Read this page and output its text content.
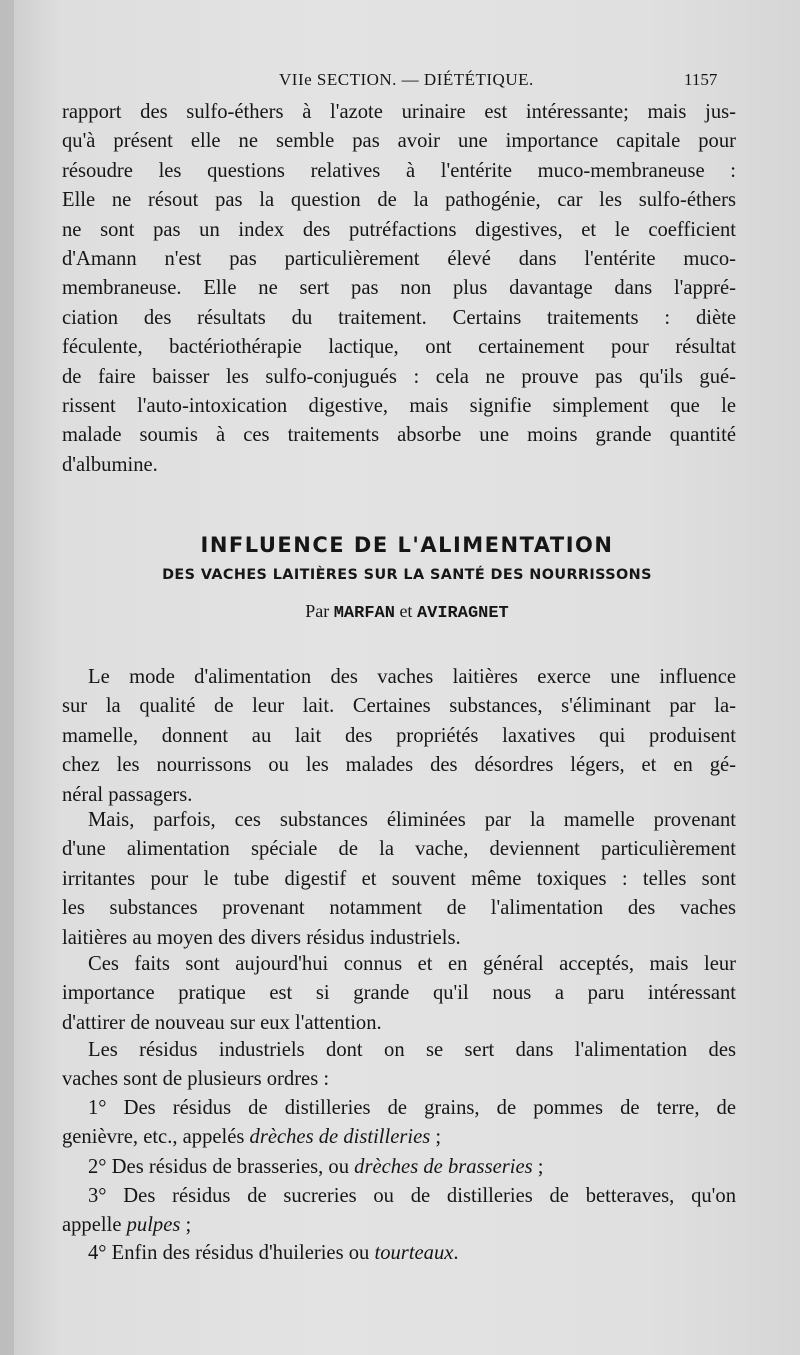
VIIe SECTION. — DIÉTÉTIQUE.	1157
rapport des sulfo-éthers à l'azote urinaire est intéressante; mais jus-
qu'à présent elle ne semble pas avoir une importance capitale pour
résoudre les questions relatives à l'entérite muco-membraneuse :
Elle ne résout pas la question de la pathogénie, car les sulfo-éthers
ne sont pas un index des putréfactions digestives, et le coefficient
d'Amann n'est pas particulièrement élevé dans l'entérite muco-
membraneuse. Elle ne sert pas non plus davantage dans l'appré-
ciation des résultats du traitement. Certains traitements : diète
féculente, bactériothérapie lactique, ont certainement pour résultat
de faire baisser les sulfo-conjugués : cela ne prouve pas qu'ils gué-
rissent l'auto-intoxication digestive, mais signifie simplement que le
malade soumis à ces traitements absorbe une moins grande quantité
d'albumine.
INFLUENCE DE L'ALIMENTATION
DES VACHES LAITIÈRES SUR LA SANTÉ DES NOURRISSONS
Par MARFAN et AVIRAGNET
Le mode d'alimentation des vaches laitières exerce une influence
sur la qualité de leur lait. Certaines substances, s'éliminant par la-
mamelle, donnent au lait des propriétés laxatives qui produisent
chez les nourrissons ou les malades des désordres légers, et en gé-
néral passagers.
Mais, parfois, ces substances éliminées par la mamelle provenant
d'une alimentation spéciale de la vache, deviennent particulièrement
irritantes pour le tube digestif et souvent même toxiques : telles sont
les substances provenant notamment de l'alimentation des vaches
laitières au moyen des divers résidus industriels.
Ces faits sont aujourd'hui connus et en général acceptés, mais leur
importance pratique est si grande qu'il nous a paru intéressant
d'attirer de nouveau sur eux l'attention.
Les résidus industriels dont on se sert dans l'alimentation des
vaches sont de plusieurs ordres :
1° Des résidus de distilleries de grains, de pommes de terre, de
genièvre, etc., appelés drèches de distilleries ;
2° Des résidus de brasseries, ou drèches de brasseries ;
3° Des résidus de sucreries ou de distilleries de betteraves, qu'on
appelle pulpes ;
4° Enfin des résidus d'huileries ou tourteaux.
